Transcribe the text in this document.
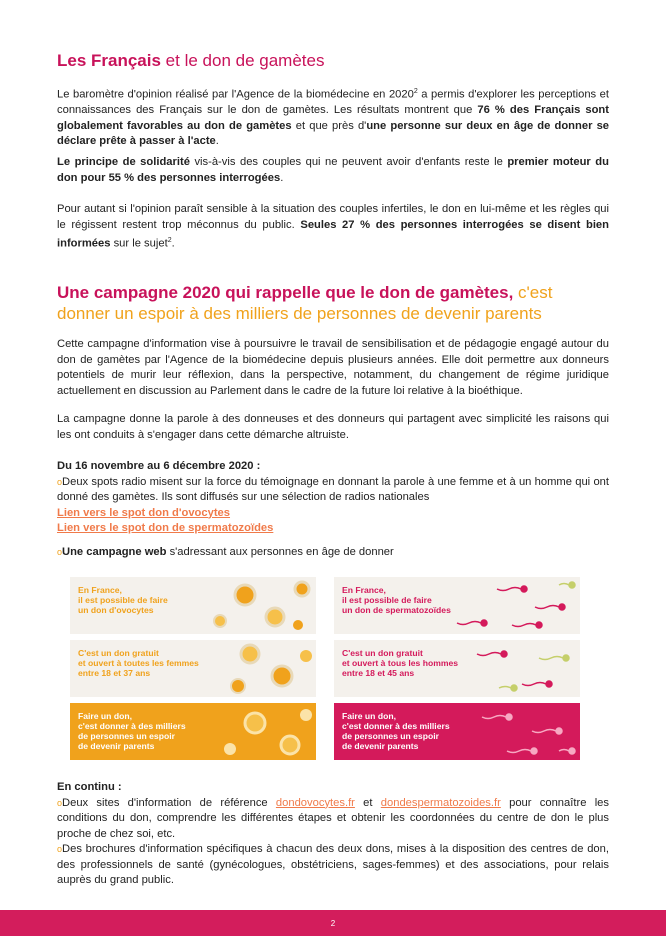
Les Français et le don de gamètes

Le baromètre d'opinion réalisé par l'Agence de la biomédecine en 2020$^2$ a permis d'explorer les perceptions et connaissances des Français sur le don de gamètes. Les résultats montrent que 76 % des Français sont globalement favorables au don de gamètes et que près d'une personne sur deux en âge de donner se déclare prête à passer à l'acte.

Le principe de solidarité vis-à-vis des couples qui ne peuvent avoir d'enfants reste le premier moteur du don pour 55 % des personnes interrogées.

Pour autant si l'opinion paraît sensible à la situation des couples infertiles, le don en lui-même et les règles qui le régissent restent trop méconnus du public. Seules 27 % des personnes interrogées se disent bien informées sur le sujet$^2$.

Une campagne 2020 qui rappelle que le don de gamètes, c'est donner un espoir à des milliers de personnes de devenir parents

Cette campagne d'information vise à poursuivre le travail de sensibilisation et de pédagogie engagé autour du don de gamètes par l'Agence de la biomédecine depuis plusieurs années. Elle doit permettre aux donneurs potentiels de murir leur réflexion, dans la perspective, notamment, du changement de régime juridique actuellement en discussion au Parlement dans le cadre de la future loi relative à la bioéthique.

La campagne donne la parole à des donneuses et des donneurs qui partagent avec simplicité les raisons qui les ont conduits à s'engager dans cette démarche altruiste.

Du 16 novembre au 6 décembre 2020 :

oDeux spots radio misent sur la force du témoignage en donnant la parole à une femme et à un homme qui ont donné des gamètes. Ils sont diffusés sur une sélection de radios nationales

Lien vers le spot don d'ovocytes
Lien vers le spot don de spermatozoïdes

oUne campagne web s'adressant aux personnes en âge de donner

En France,
il est possible de faire
un don d'ovocytes
C'est un don gratuit
et ouvert à toutes les femmes
entre 18 et 37 ans
Faire un don,
c'est donner à des milliers
de personnes un espoir
de devenir parents
En France,
il est possible de faire
un don de spermatozoïdes
C'est un don gratuit
et ouvert à tous les hommes
entre 18 et 45 ans
Faire un don,
c'est donner à des milliers
de personnes un espoir
de devenir parents

En continu :

oDeux sites d'information de référence dondovocytes.fr et dondespermatozoides.fr pour connaître les conditions du don, comprendre les différentes étapes et obtenir les coordonnées du centre de don le plus proche de chez soi, etc.

oDes brochures d'information spécifiques à chacun des deux dons, mises à la disposition des centres de don, des professionnels de santé (gynécologues, obstétriciens, sages-femmes) et des associations, pour relais auprès du grand public.

2
